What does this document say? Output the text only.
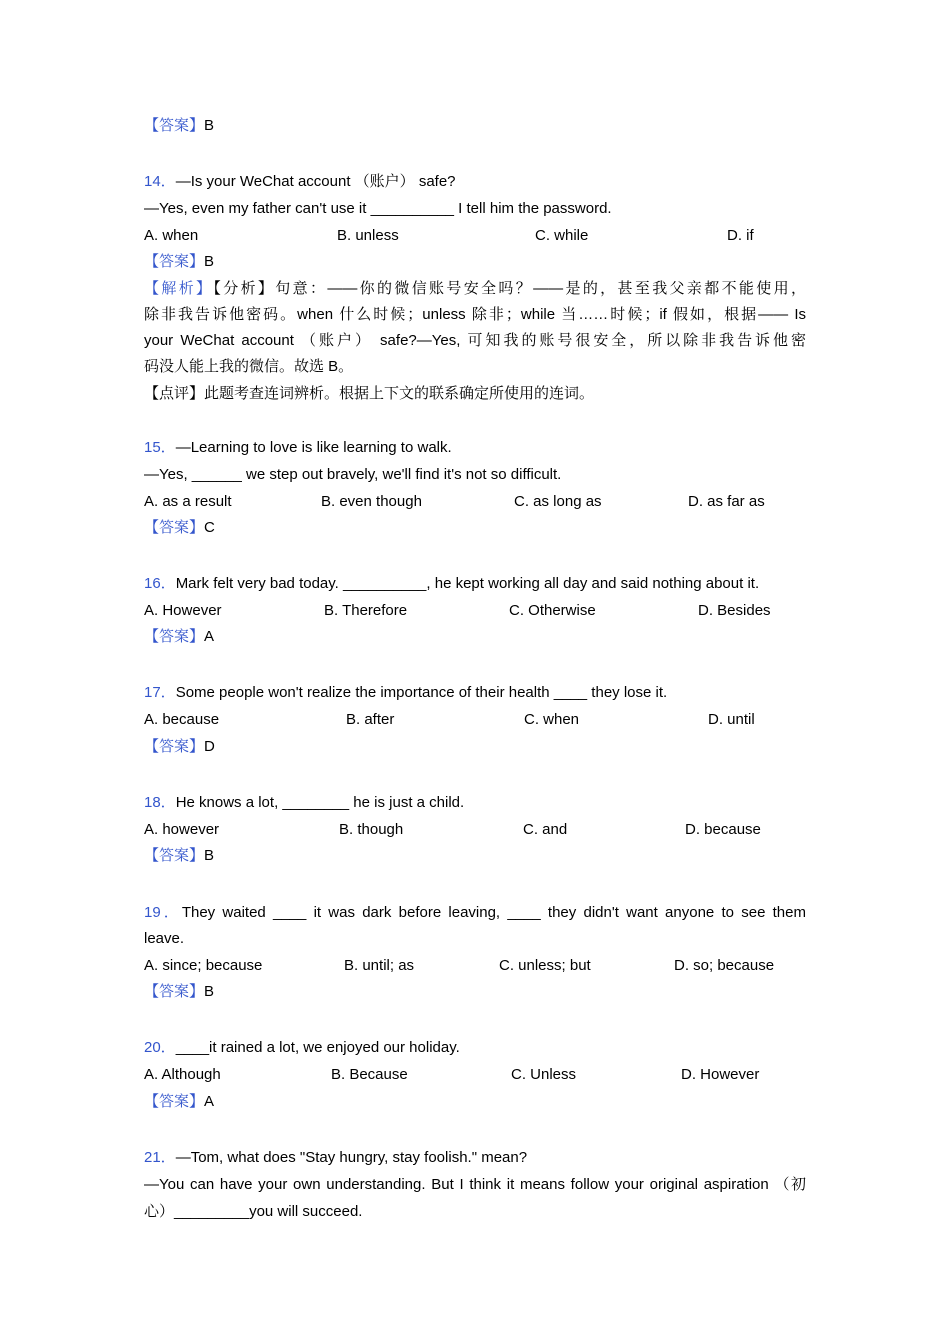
【答案】B
14．—Is your WeChat account （账户） safe?
—Yes, even my father can't use it __________ I tell him the password.
A. when	B. unless	C. while	D. if
【答案】B
【解析】【分析】句意：——你的微信账号安全吗？——是的，甚至我父亲都不能使用，
除非我告诉他密码。when 什么时候；unless 除非；while 当……时候；if 假如，根据—— Is
your WeChat account （账户） safe?—Yes, 可知我的账号很安全，所以除非我告诉他密
码没人能上我的微信。故选 B。
【点评】此题考查连词辨析。根据上下文的联系确定所使用的连词。
15．—Learning to love is like learning to walk.
—Yes, ______ we step out bravely, we'll find it's not so difficult.
A. as a result	B. even though	C. as long as	D. as far as
【答案】C
16．Mark felt very bad today. __________, he kept working all day and said nothing about it.
A. However	B. Therefore	C. Otherwise	D. Besides
【答案】A
17．Some people won't realize the importance of their health ____ they lose it.
A. because	B. after	C. when	D. until
【答案】D
18．He knows a lot, ________ he is just a child.
A. however	B. though	C. and	D. because
【答案】B
19．They waited ____ it was dark before leaving, ____ they didn't want anyone to see them
leave.
A. since; because	B. until; as	C. unless; but	D. so; because
【答案】B
20．____it rained a lot, we enjoyed our holiday.
A. Although	B. Because	C. Unless	D. However
【答案】A
21．—Tom, what does "Stay hungry, stay foolish." mean?
—You can have your own understanding. But I think it means follow your original aspiration （初
心）_________you will succeed.
